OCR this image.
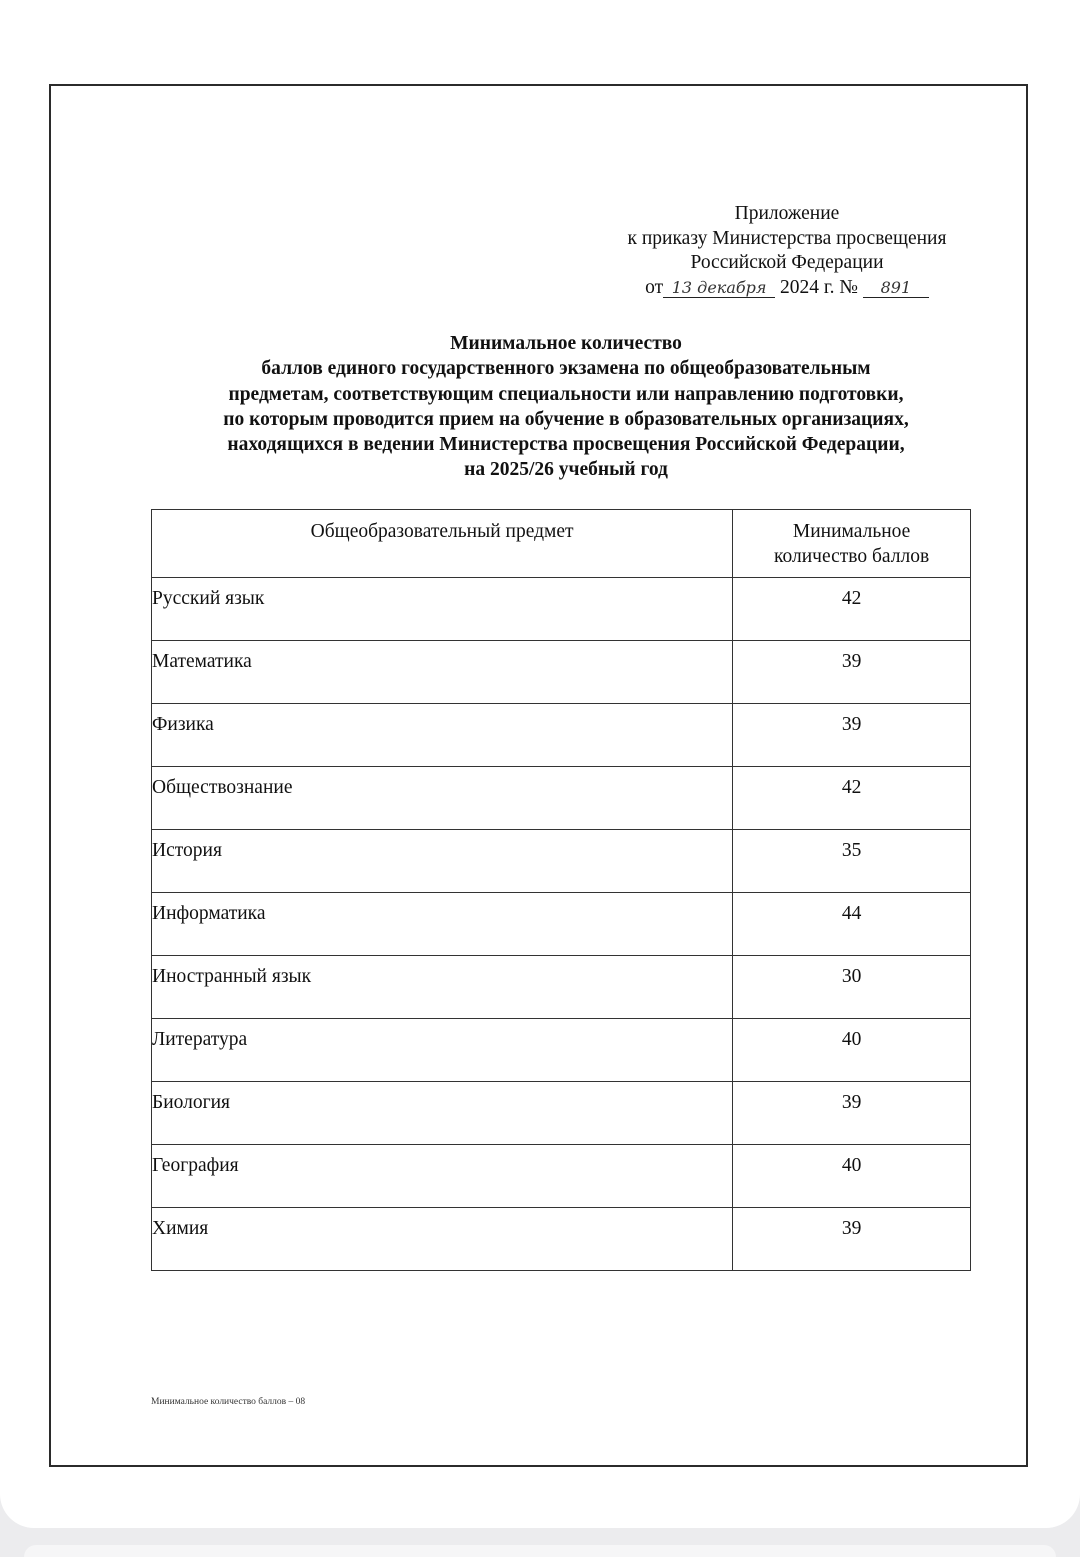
Приложение
к приказу Министерства просвещения
Российской Федерации
от 13 декабря 2024 г. № 891
Минимальное количество
баллов единого государственного экзамена по общеобразовательным
предметам, соответствующим специальности или направлению подготовки,
по которым проводится прием на обучение в образовательных организациях,
находящихся в ведении Министерства просвещения Российской Федерации,
на 2025/26 учебный год
Общеобразовательный предмет	Минимальное
количество баллов
Русский язык	42
Математика	39
Физика	39
Обществознание	42
История	35
Информатика	44
Иностранный язык	30
Литература	40
Биология	39
География	40
Химия	39
Минимальное количество баллов – 08
